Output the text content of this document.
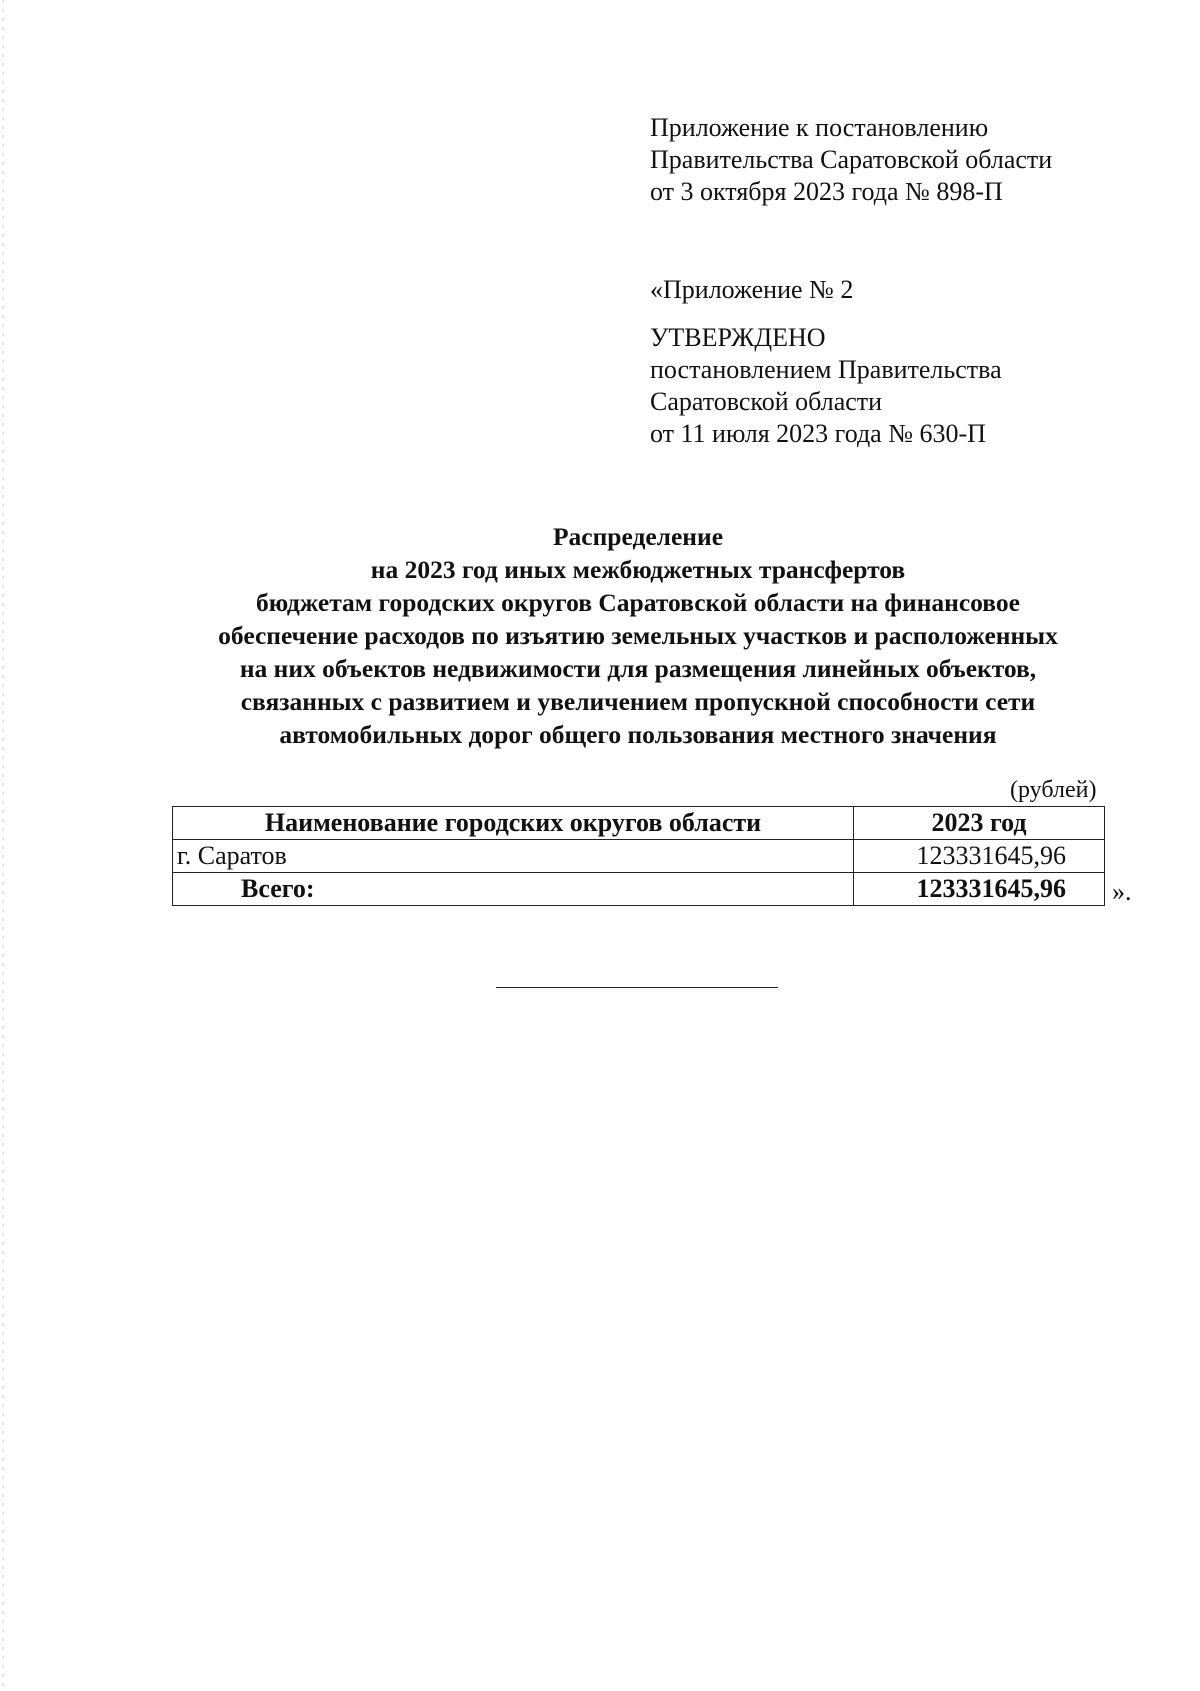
Приложение к постановлению
Правительства Саратовской области
от 3 октября 2023 года № 898-П
«Приложение № 2
УТВЕРЖДЕНО
постановлением Правительства
Саратовской области
от 11 июля 2023 года № 630-П
Распределение
на 2023 год иных межбюджетных трансфертов
бюджетам городских округов Саратовской области на финансовое
обеспечение расходов по изъятию земельных участков и расположенных
на них объектов недвижимости для размещения линейных объектов,
связанных с развитием и увеличением пропускной способности сети
автомобильных дорог общего пользования местного значения
(рублей)
Наименование городских округов области	2023 год
г. Саратов	123331645,96
Всего:	123331645,96 ».
